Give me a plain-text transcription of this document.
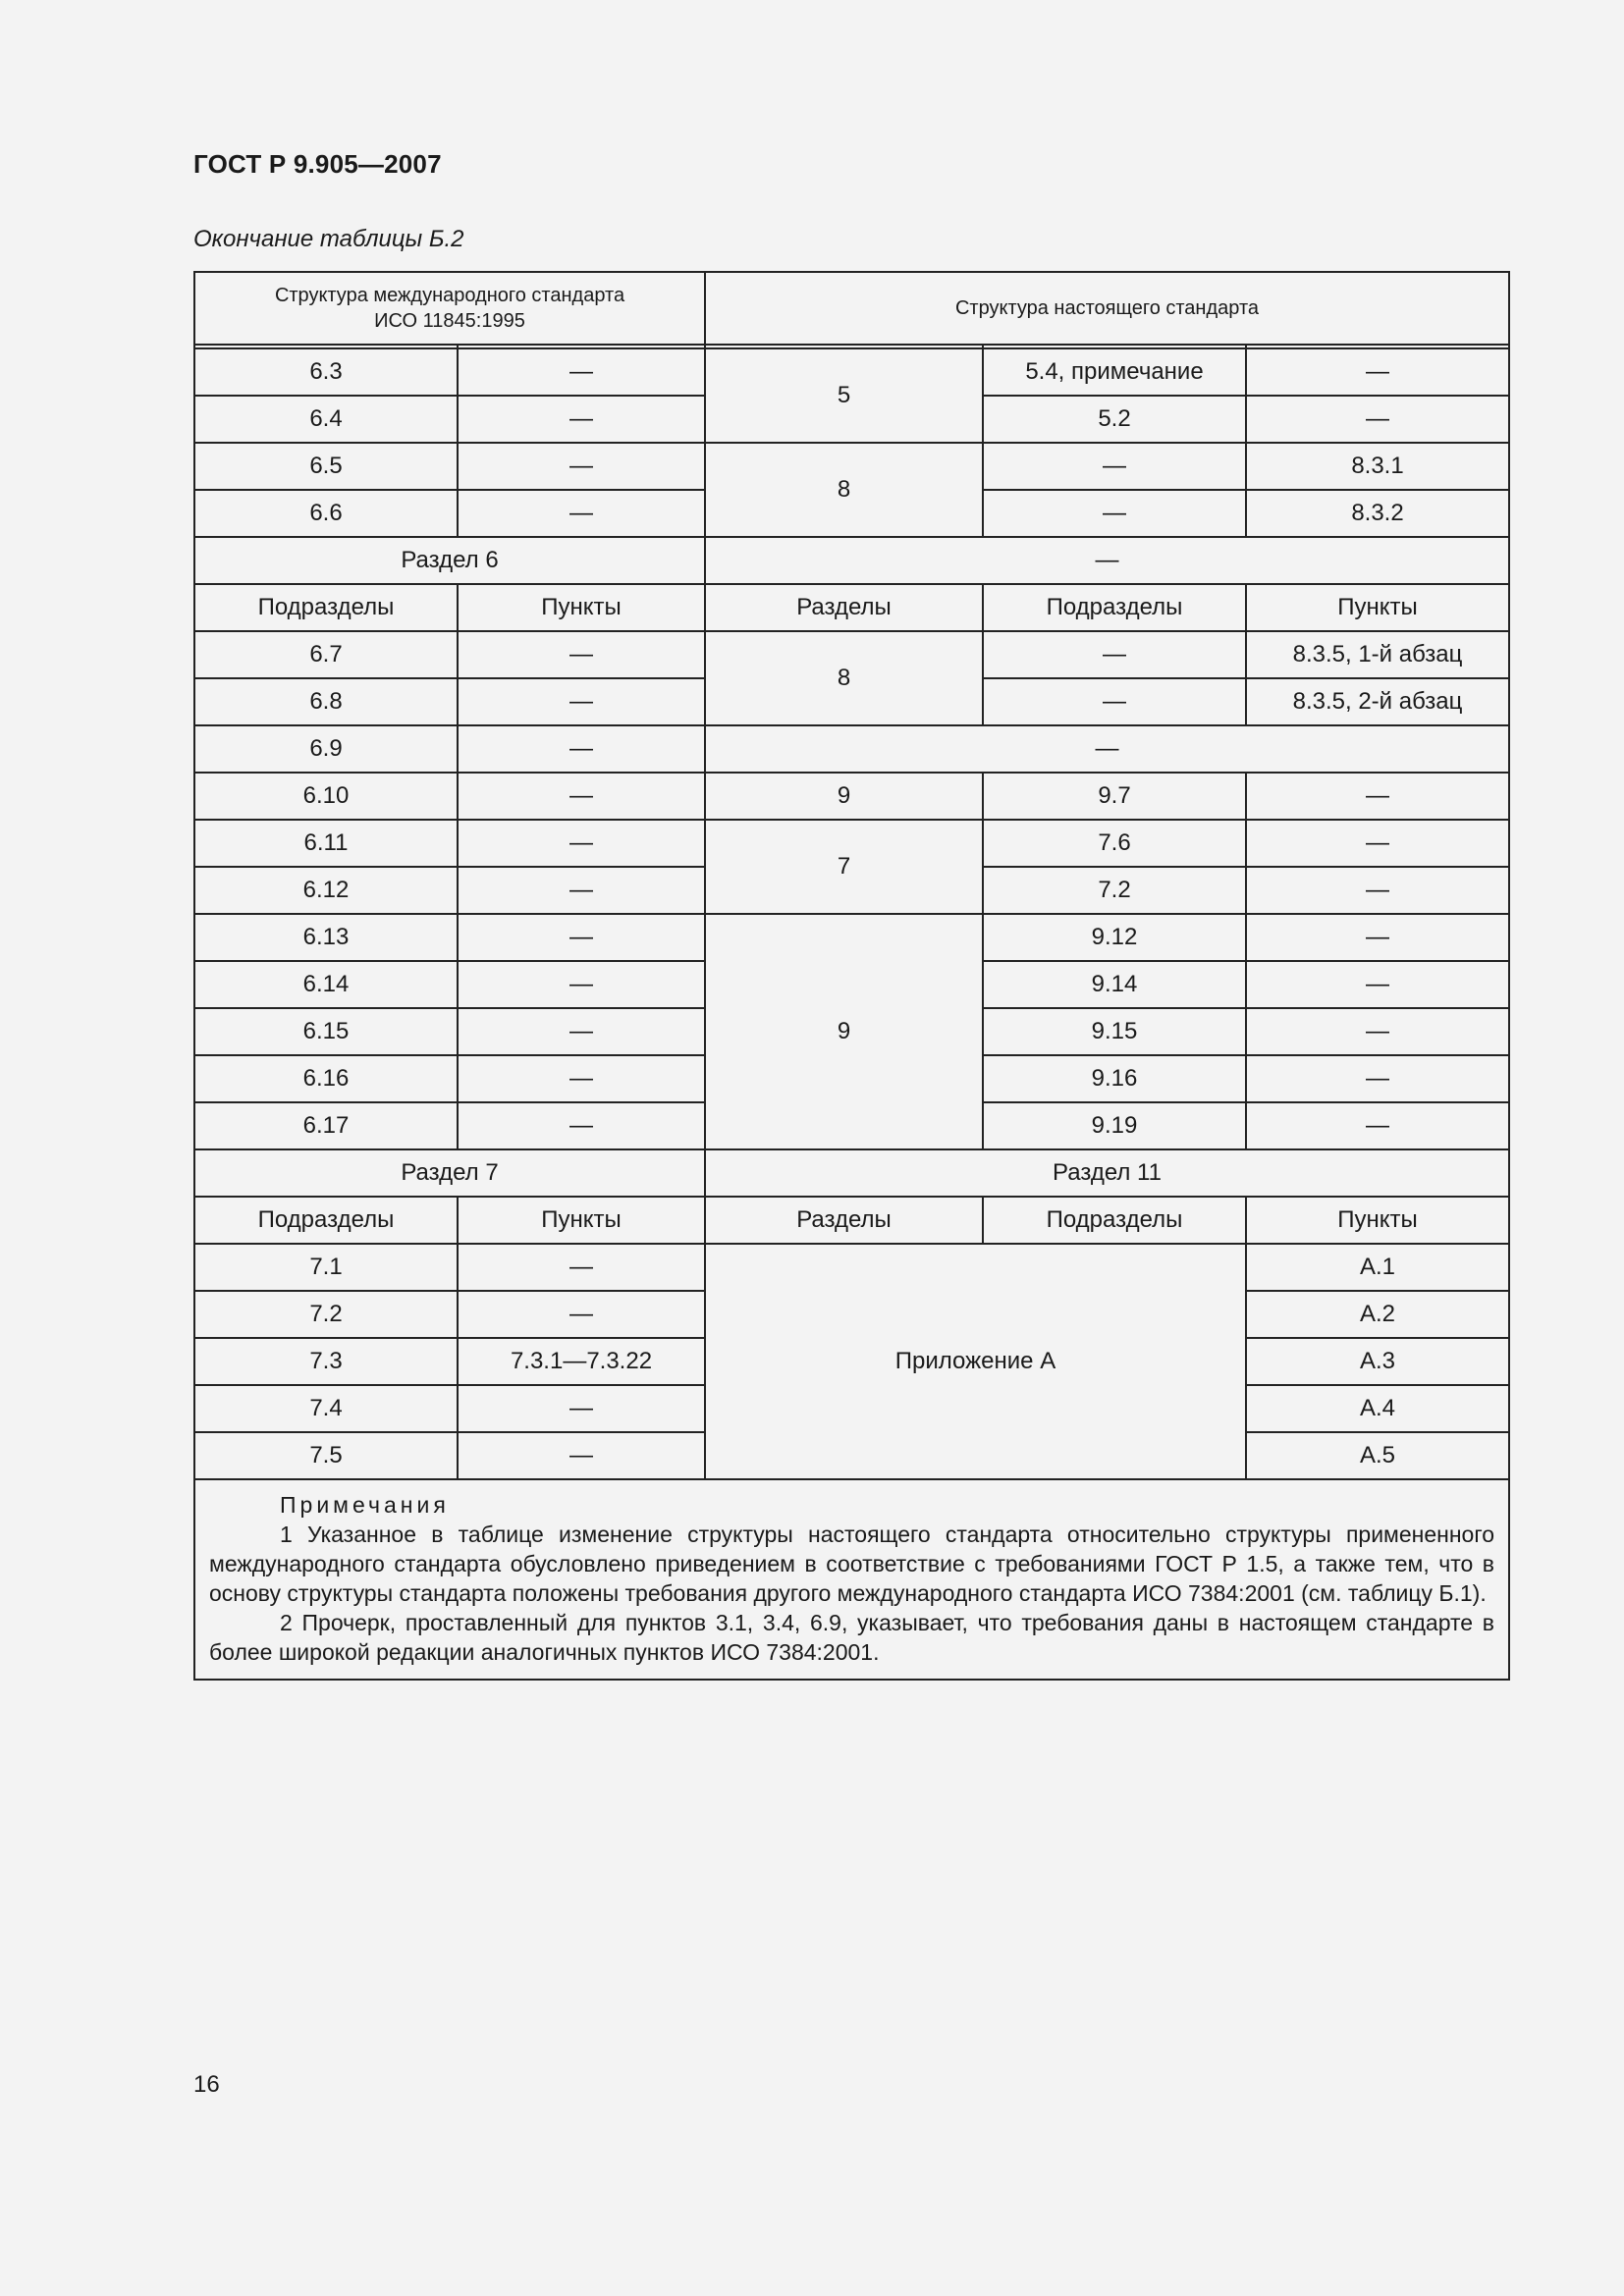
ГОСТ Р 9.905—2007
Окончание таблицы Б.2
Структура международного стандарта
ИСО 11845:1995		Структура настоящего стандарта		

6.3	—	5	5.4, примечание	—
6.4	—		5.2	—
6.5	—	8	—	8.3.1
6.6	—		—	8.3.2
Раздел 6		—		
Подразделы	Пункты	Разделы	Подразделы	Пункты
6.7	—	8	—	8.3.5, 1-й абзац
6.8	—		—	8.3.5, 2-й абзац
6.9	—	—		
6.10	—	9	9.7	—
6.11	—	7	7.6	—
6.12	—		7.2	—
6.13	—	9	9.12	—
6.14	—		9.14	—
6.15	—		9.15	—
6.16	—		9.16	—
6.17	—		9.19	—
Раздел 7		Раздел 11		
Подразделы	Пункты	Разделы	Подразделы	Пункты
7.1	—	Приложение А		А.1
7.2	—			А.2
7.3	7.3.1—7.3.22			А.3
7.4	—			А.4
7.5	—			А.5

Примечания

1 Указанное в таблице изменение структуры настоящего стандарта относительно структуры примененного международного стандарта обусловлено приведением в соответствие с требованиями ГОСТ Р 1.5, а также тем, что в основу структуры стандарта положены требования другого международного стандарта ИСО 7384:2001 (см. таблицу Б.1).

2 Прочерк, проставленный для пунктов 3.1, 3.4, 6.9, указывает, что требования даны в настоящем стандарте в более широкой редакции аналогичных пунктов ИСО 7384:2001.				

16
